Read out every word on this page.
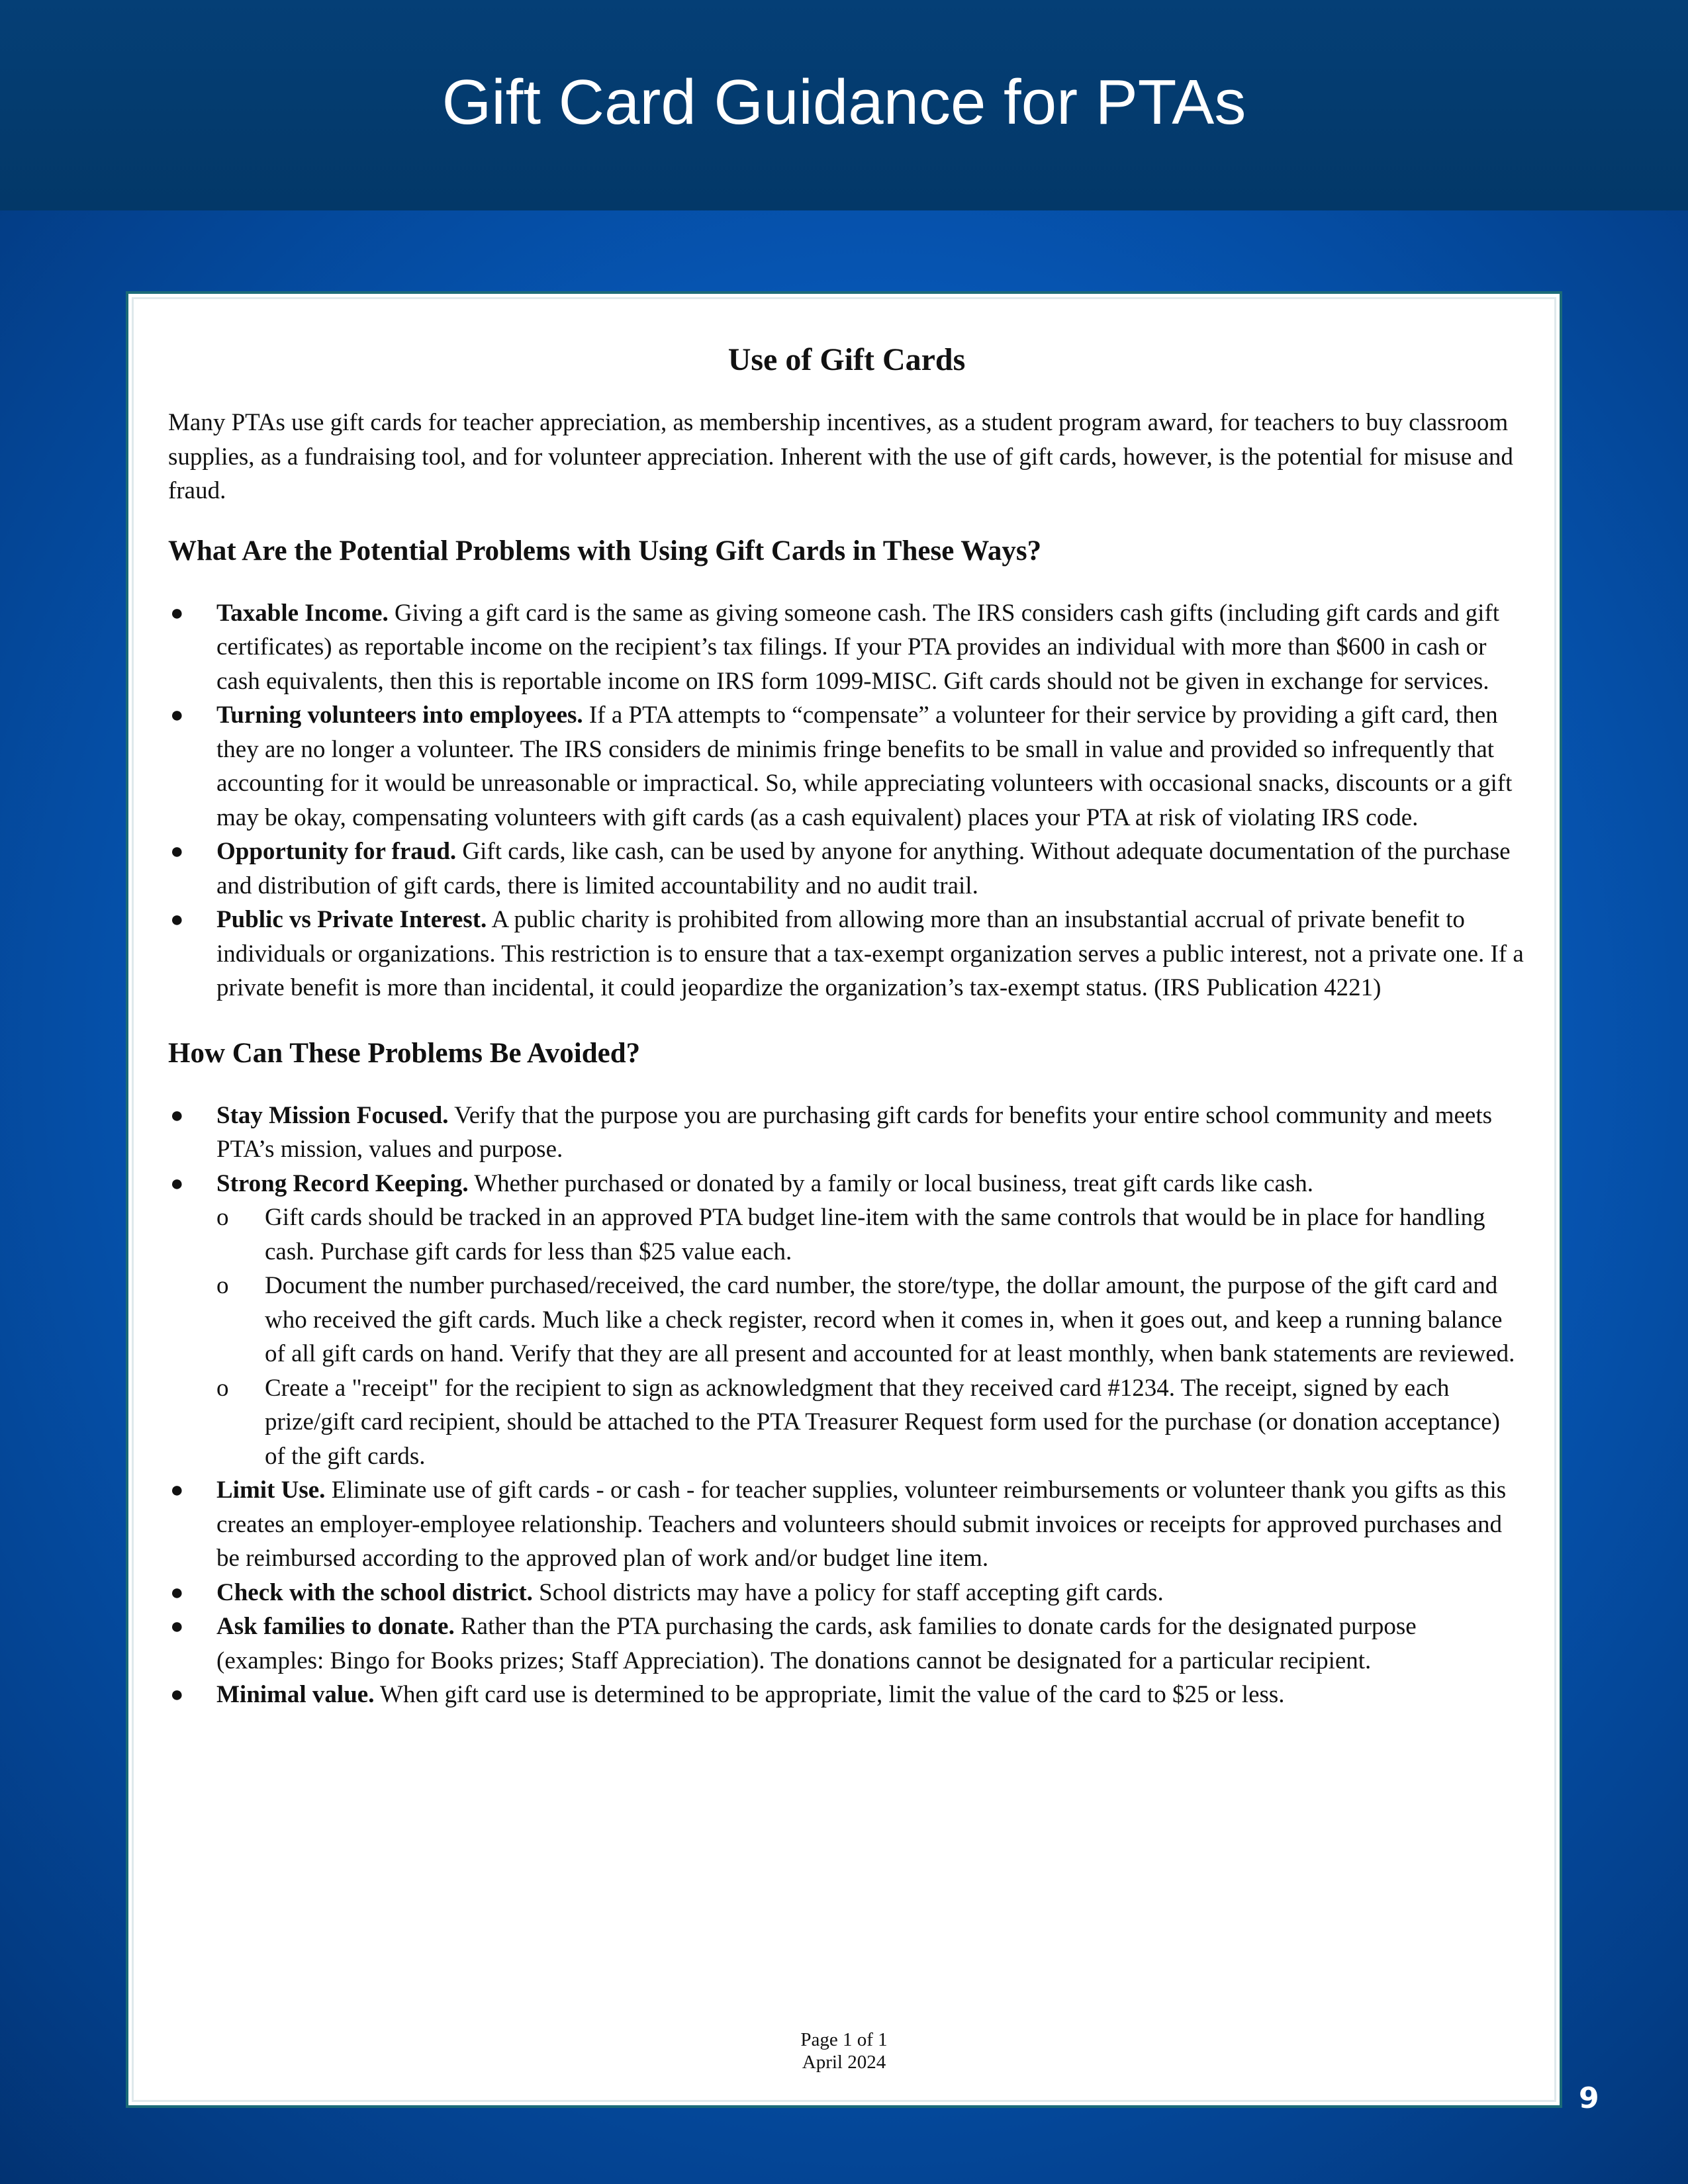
Gift Card Guidance for PTAs
Use of Gift Cards

Many PTAs use gift cards for teacher appreciation, as membership incentives, as a student program award, for teachers to buy classroom supplies, as a fundraising tool, and for volunteer appreciation. Inherent with the use of gift cards, however, is the potential for misuse and fraud.

What Are the Potential Problems with Using Gift Cards in These Ways?
● Taxable Income. Giving a gift card is the same as giving someone cash. The IRS considers cash gifts (including gift cards and gift certificates) as reportable income on the recipient’s tax filings. If your PTA provides an individual with more than $600 in cash or cash equivalents, then this is reportable income on IRS form 1099-MISC. Gift cards should not be given in exchange for services.
● Turning volunteers into employees. If a PTA attempts to “compensate” a volunteer for their service by providing a gift card, then they are no longer a volunteer. The IRS considers de minimis fringe benefits to be small in value and provided so infrequently that accounting for it would be unreasonable or impractical. So, while appreciating volunteers with occasional snacks, discounts or a gift may be okay, compensating volunteers with gift cards (as a cash equivalent) places your PTA at risk of violating IRS code.
● Opportunity for fraud. Gift cards, like cash, can be used by anyone for anything. Without adequate documentation of the purchase and distribution of gift cards, there is limited accountability and no audit trail.
● Public vs Private Interest. A public charity is prohibited from allowing more than an insubstantial accrual of private benefit to individuals or organizations. This restriction is to ensure that a tax-exempt organization serves a public interest, not a private one. If a private benefit is more than incidental, it could jeopardize the organization’s tax-exempt status. (IRS Publication 4221)
How Can These Problems Be Avoided?
● Stay Mission Focused. Verify that the purpose you are purchasing gift cards for benefits your entire school community and meets PTA’s mission, values and purpose.
● Strong Record Keeping. Whether purchased or donated by a family or local business, treat gift cards like cash.
o Gift cards should be tracked in an approved PTA budget line-item with the same controls that would be in place for handling cash. Purchase gift cards for less than $25 value each.
o Document the number purchased/received, the card number, the store/type, the dollar amount, the purpose of the gift card and who received the gift cards. Much like a check register, record when it comes in, when it goes out, and keep a running balance of all gift cards on hand. Verify that they are all present and accounted for at least monthly, when bank statements are reviewed.
o Create a "receipt" for the recipient to sign as acknowledgment that they received card #1234. The receipt, signed by each prize/gift card recipient, should be attached to the PTA Treasurer Request form used for the purchase (or donation acceptance) of the gift cards.
● Limit Use. Eliminate use of gift cards - or cash - for teacher supplies, volunteer reimbursements or volunteer thank you gifts as this creates an employer-employee relationship. Teachers and volunteers should submit invoices or receipts for approved purchases and be reimbursed according to the approved plan of work and/or budget line item.
● Check with the school district. School districts may have a policy for staff accepting gift cards.
● Ask families to donate. Rather than the PTA purchasing the cards, ask families to donate cards for the designated purpose (examples: Bingo for Books prizes; Staff Appreciation). The donations cannot be designated for a particular recipient.
● Minimal value. When gift card use is determined to be appropriate, limit the value of the card to $25 or less.
Page 1 of 1
April 2024
9
